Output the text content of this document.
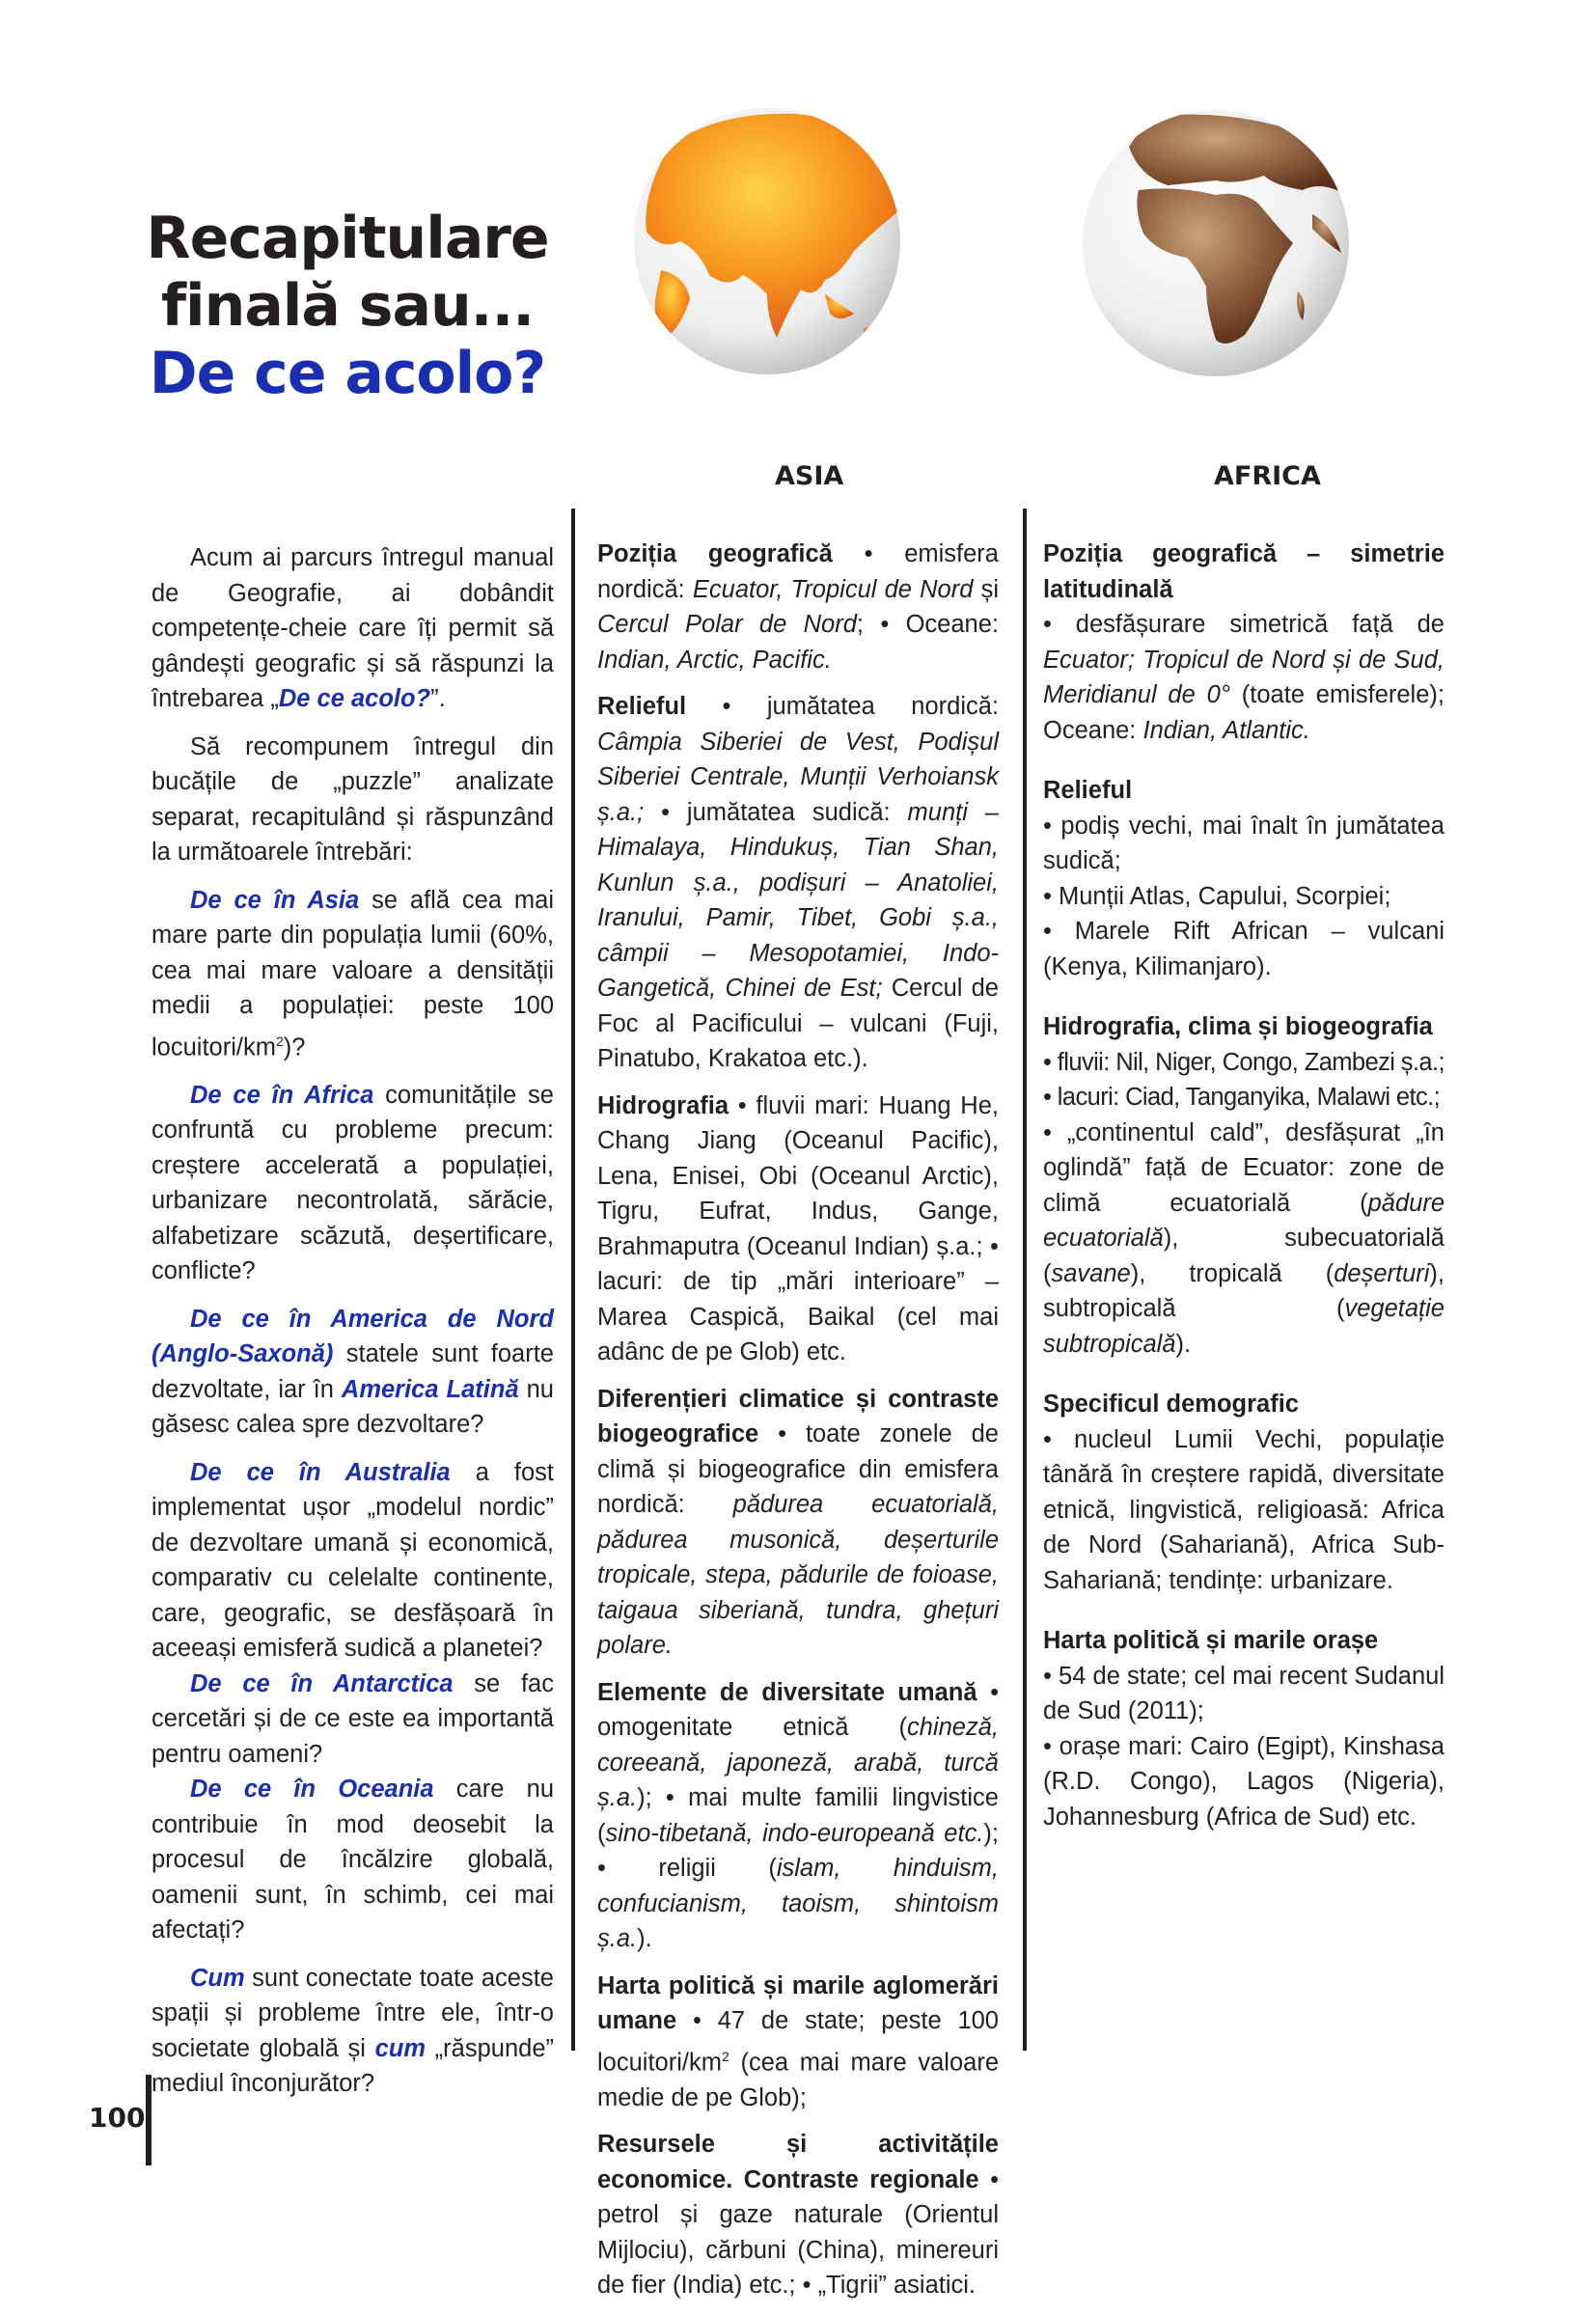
Recapitulare
finală sau...
De ce acolo?
ASIA	AFRICA

Acum ai parcurs întregul manual de Geografie, ai dobândit competențe-cheie care îți permit să gândești geografic și să răspunzi la întrebarea „De ce acolo?”.

Să recompunem întregul din bucățile de „puzzle” analizate separat, recapitulând și răspunzând la următoarele întrebări:

De ce în Asia se află cea mai mare parte din populația lumii (60%, cea mai mare valoare a densității medii a populației: peste 100 locuitori/$km^2$)?

De ce în Africa comunitățile se confruntă cu probleme precum: creștere accelerată a populației, urbanizare necontrolată, sărăcie, alfabetizare scăzută, deșertificare, conflicte?

De ce în America de Nord (Anglo-Saxonă) statele sunt foarte dezvoltate, iar în America Latină nu găsesc calea spre dezvoltare?

De ce în Australia a fost implementat ușor „modelul nordic” de dezvoltare umană și economică, comparativ cu celelalte continente, care, geografic, se desfășoară în aceeași emisferă sudică a planetei?

De ce în Antarctica se fac cercetări și de ce este ea importantă pentru oameni?

De ce în Oceania care nu contribuie în mod deosebit la procesul de încălzire globală, oamenii sunt, în schimb, cei mai afectați?

Cum sunt conectate toate aceste spații și probleme între ele, într-o societate globală și cum „răspunde” mediul înconjurător?

Poziția geografică • emisfera nordică: Ecuator, Tropicul de Nord și Cercul Polar de Nord; • Oceane: Indian, Arctic, Pacific.

Relieful • jumătatea nordică: Câmpia Siberiei de Vest, Podișul Siberiei Centrale, Munții Verhoiansk ș.a.; • jumătatea sudică: munți – Himalaya, Hindukuș, Tian Shan, Kunlun ș.a., podișuri – Anatoliei, Iranului, Pamir, Tibet, Gobi ș.a., câmpii – Mesopotamiei, Indo-Gangetică, Chinei de Est; Cercul de Foc al Pacificului – vulcani (Fuji, Pinatubo, Krakatoa etc.).

Hidrografia • fluvii mari: Huang He, Chang Jiang (Oceanul Pacific), Lena, Enisei, Obi (Oceanul Arctic), Tigru, Eufrat, Indus, Gange, Brahmaputra (Oceanul Indian) ș.a.; • lacuri: de tip „mări interioare” – Marea Caspică, Baikal (cel mai adânc de pe Glob) etc.

Diferențieri climatice și contraste biogeografice • toate zonele de climă și biogeografice din emisfera nordică: pădurea ecuatorială, pădurea musonică, deșerturile tropicale, stepa, pădurile de foioase, taigaua siberiană, tundra, ghețuri polare.

Elemente de diversitate umană • omogenitate etnică (chineză, coreeană, japoneză, arabă, turcă ș.a.); • mai multe familii lingvistice (sino-tibetană, indo-europeană etc.); • religii (islam, hinduism, confucianism, taoism, shintoism ș.a.).

Harta politică și marile aglomerări umane • 47 de state; peste 100 locuitori/$km^2$ (cea mai mare valoare medie de pe Glob);

Resursele și activitățile economice. Contraste regionale • petrol și gaze naturale (Orientul Mijlociu), cărbuni (China), minereuri de fier (India) etc.; • „Tigrii” asiatici.

Poziția geografică – simetrie latitudinală
• desfășurare simetrică față de Ecuator; Tropicul de Nord și de Sud, Meridianul de 0° (toate emisferele); Oceane: Indian, Atlantic.
Relieful
• podiș vechi, mai înalt în jumătatea sudică;
• Munții Atlas, Capului, Scorpiei;
• Marele Rift African – vulcani (Kenya, Kilimanjaro).
Hidrografia, clima și biogeografia
• fluvii: Nil, Niger, Congo, Zambezi ș.a.;
• lacuri: Ciad, Tanganyika, Malawi etc.;
• „continentul cald”, desfășurat „în oglindă” față de Ecuator: zone de climă ecuatorială (pădure ecuatorială), subecuatorială (savane), tropicală (deșerturi), subtropicală (vegetație subtropicală).
Specificul demografic
• nucleul Lumii Vechi, populație tânără în creștere rapidă, diversitate etnică, lingvistică, religioasă: Africa de Nord (Sahariană), Africa Sub-Sahariană; tendințe: urbanizare.
Harta politică și marile orașe
• 54 de state; cel mai recent Sudanul de Sud (2011);
• orașe mari: Cairo (Egipt), Kinshasa (R.D. Congo), Lagos (Nigeria), Johannesburg (Africa de Sud) etc.
100
